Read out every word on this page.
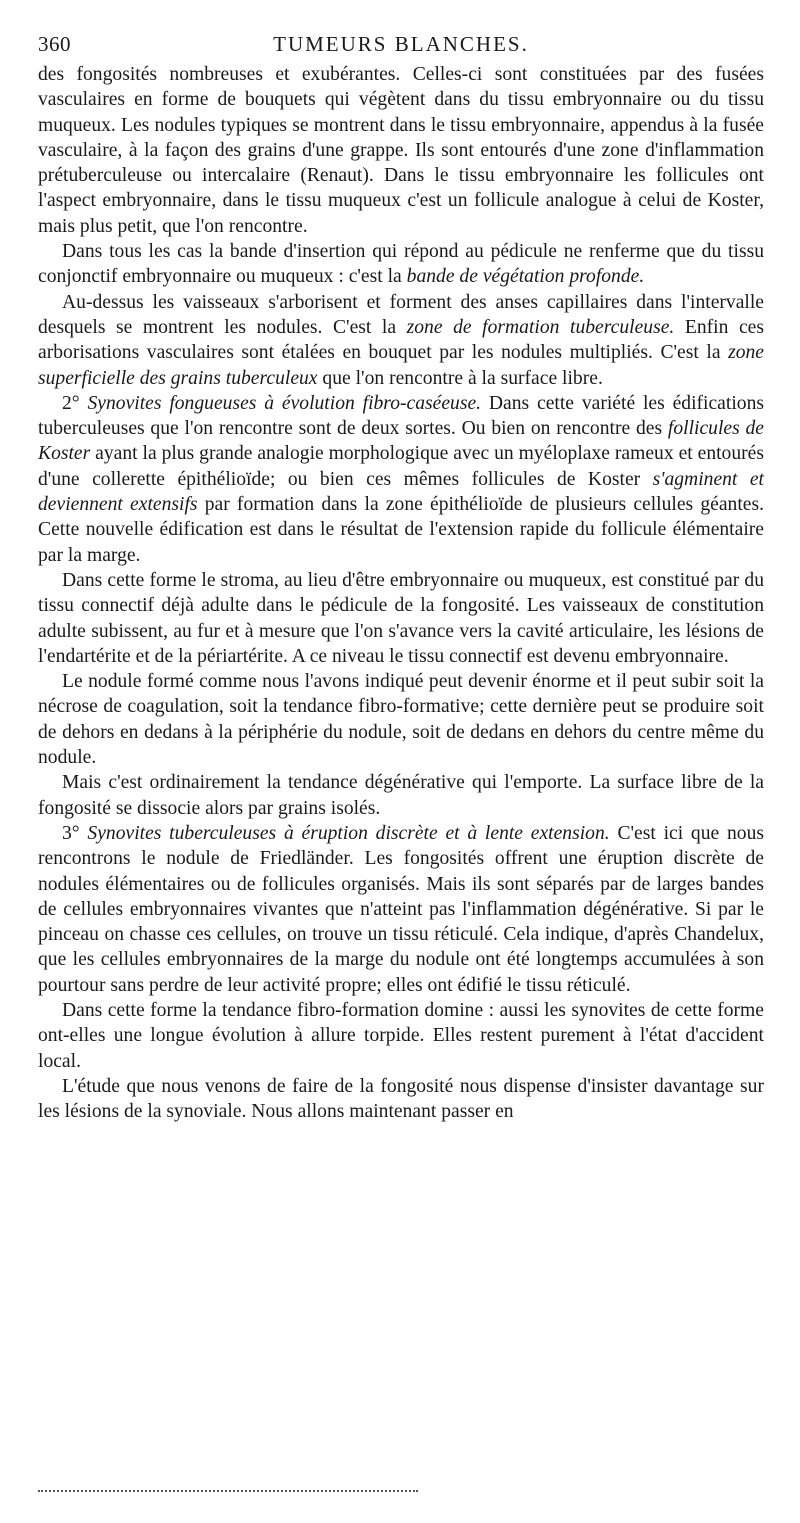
360	TUMEURS BLANCHES.

des fongosités nombreuses et exubérantes. Celles-ci sont constituées par des fusées vasculaires en forme de bouquets qui végètent dans du tissu embryonnaire ou du tissu muqueux. Les nodules typiques se montrent dans le tissu embryonnaire, appendus à la fusée vasculaire, à la façon des grains d'une grappe. Ils sont entourés d'une zone d'inflammation prétuberculeuse ou intercalaire (Renaut). Dans le tissu embryonnaire les follicules ont l'aspect embryonnaire, dans le tissu muqueux c'est un follicule analogue à celui de Koster, mais plus petit, que l'on rencontre.

Dans tous les cas la bande d'insertion qui répond au pédicule ne renferme que du tissu conjonctif embryonnaire ou muqueux : c'est la bande de végétation profonde.

Au-dessus les vaisseaux s'arborisent et forment des anses capillaires dans l'intervalle desquels se montrent les nodules. C'est la zone de formation tuberculeuse. Enfin ces arborisations vasculaires sont étalées en bouquet par les nodules multipliés. C'est la zone superficielle des grains tuberculeux que l'on rencontre à la surface libre.

2° Synovites fongueuses à évolution fibro-caséeuse. Dans cette variété les édifications tuberculeuses que l'on rencontre sont de deux sortes. Ou bien on rencontre des follicules de Koster ayant la plus grande analogie morphologique avec un myéloplaxe rameux et entourés d'une collerette épithélioïde; ou bien ces mêmes follicules de Koster s'agminent et deviennent extensifs par formation dans la zone épithélioïde de plusieurs cellules géantes. Cette nouvelle édification est dans le résultat de l'extension rapide du follicule élémentaire par la marge.

Dans cette forme le stroma, au lieu d'être embryonnaire ou muqueux, est constitué par du tissu connectif déjà adulte dans le pédicule de la fongosité. Les vaisseaux de constitution adulte subissent, au fur et à mesure que l'on s'avance vers la cavité articulaire, les lésions de l'endartérite et de la périartérite. A ce niveau le tissu connectif est devenu embryonnaire.

Le nodule formé comme nous l'avons indiqué peut devenir énorme et il peut subir soit la nécrose de coagulation, soit la tendance fibro-formative; cette dernière peut se produire soit de dehors en dedans à la périphérie du nodule, soit de dedans en dehors du centre même du nodule.

Mais c'est ordinairement la tendance dégénérative qui l'emporte. La surface libre de la fongosité se dissocie alors par grains isolés.

3° Synovites tuberculeuses à éruption discrète et à lente extension. C'est ici que nous rencontrons le nodule de Friedländer. Les fongosités offrent une éruption discrète de nodules élémentaires ou de follicules organisés. Mais ils sont séparés par de larges bandes de cellules embryonnaires vivantes que n'atteint pas l'inflammation dégénérative. Si par le pinceau on chasse ces cellules, on trouve un tissu réticulé. Cela indique, d'après Chandelux, que les cellules embryonnaires de la marge du nodule ont été longtemps accumulées à son pourtour sans perdre de leur activité propre; elles ont édifié le tissu réticulé.

Dans cette forme la tendance fibro-formation domine : aussi les synovites de cette forme ont-elles une longue évolution à allure torpide. Elles restent purement à l'état d'accident local.

L'étude que nous venons de faire de la fongosité nous dispense d'insister davantage sur les lésions de la synoviale. Nous allons maintenant passer en
